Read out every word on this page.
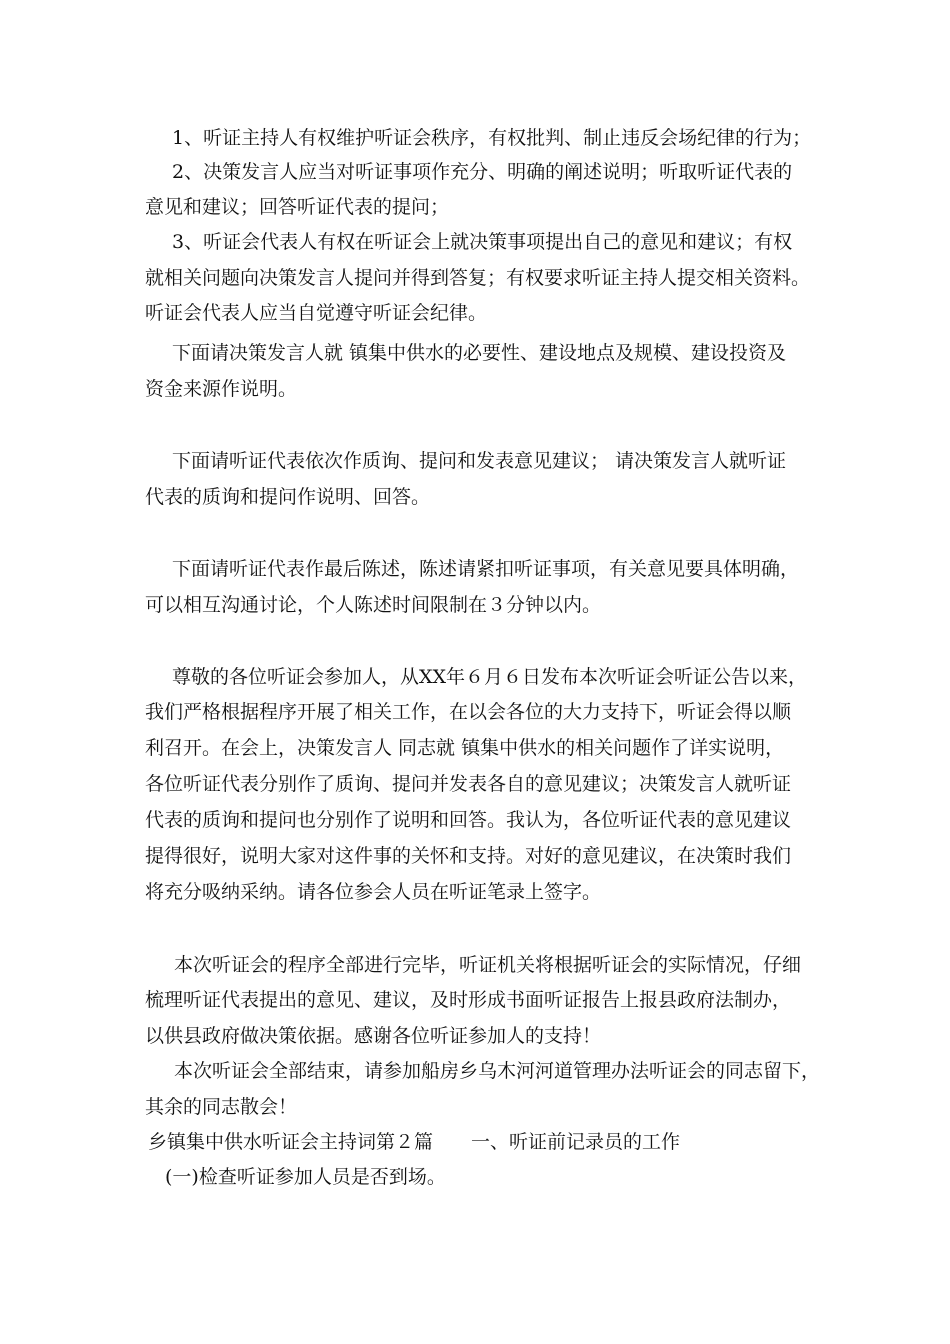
1、听证主持人有权维护听证会秩序，有权批判、制止违反会场纪律的行为；
2、决策发言人应当对听证事项作充分、明确的阐述说明；听取听证代表的
意见和建议；回答听证代表的提问；
3、听证会代表人有权在听证会上就决策事项提出自己的意见和建议；有权
就相关问题向决策发言人提问并得到答复；有权要求听证主持人提交相关资料。
听证会代表人应当自觉遵守听证会纪律。
下面请决策发言人就 镇集中供水的必要性、建设地点及规模、建设投资及
资金来源作说明。
下面请听证代表依次作质询、提问和发表意见建议； 请决策发言人就听证
代表的质询和提问作说明、回答。
下面请听证代表作最后陈述，陈述请紧扣听证事项，有关意见要具体明确，
可以相互沟通讨论，个人陈述时间限制在３分钟以内。
尊敬的各位听证会参加人，从XX年６月６日发布本次听证会听证公告以来，
我们严格根据程序开展了相关工作，在以会各位的大力支持下，听证会得以顺
利召开。在会上，决策发言人 同志就 镇集中供水的相关问题作了详实说明，
各位听证代表分别作了质询、提问并发表各自的意见建议；决策发言人就听证
代表的质询和提问也分别作了说明和回答。我认为，各位听证代表的意见建议
提得很好，说明大家对这件事的关怀和支持。对好的意见建议，在决策时我们
将充分吸纳采纳。请各位参会人员在听证笔录上签字。
本次听证会的程序全部进行完毕，听证机关将根据听证会的实际情况，仔细
梳理听证代表提出的意见、建议，及时形成书面听证报告上报县政府法制办，
以供县政府做决策依据。感谢各位听证参加人的支持！
本次听证会全部结束，请参加船房乡乌木河河道管理办法听证会的同志留下，
其余的同志散会！
乡镇集中供水听证会主持词第２篇　　一、听证前记录员的工作
(一)检查听证参加人员是否到场。
